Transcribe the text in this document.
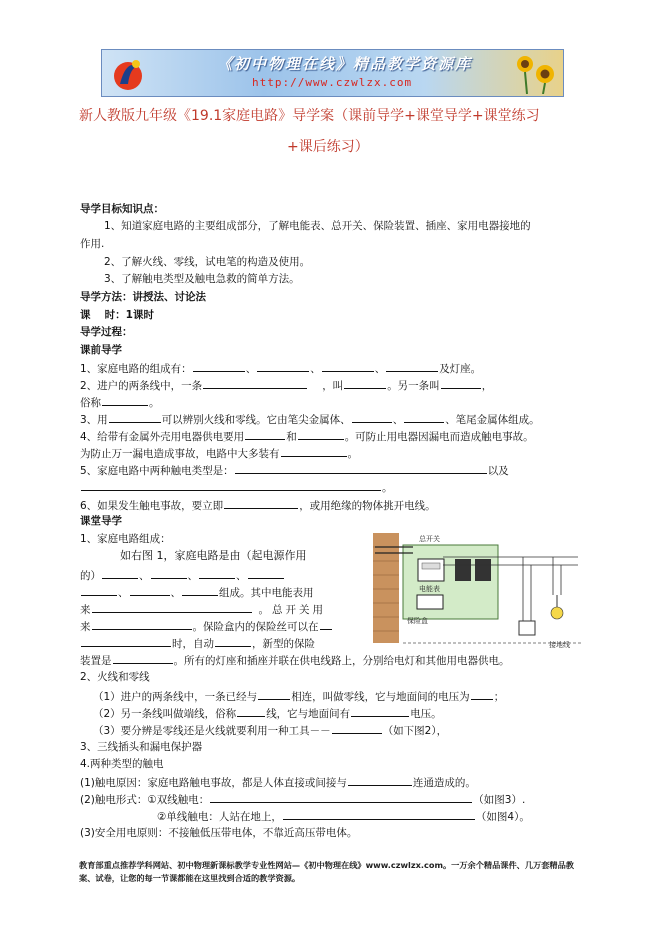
《初中物理在线》精品教学资源库
http://www.czwlzx.com
新人教版九年级《19.1家庭电路》导学案（课前导学+课堂导学+课堂练习
+课后练习）
导学目标知识点：
1、知道家庭电路的主要组成部分，了解电能表、总开关、保险装置、插座、家用电器接地的
作用.
2、了解火线、零线，试电笔的构造及使用。
3、了解触电类型及触电急救的简单方法。
导学方法：讲授法、讨论法
课　 时：1课时
导学过程：
课前导学
1、家庭电路的组成有：	、	、	、	及灯座。
2、进户的两条线中，一条	，叫	。另一条叫	，
俗称	。
3、用	可以辨别火线和零线。它由笔尖金属体、	、	、笔尾金属体组成。
4、给带有金属外壳用电器供电要用	和	。可防止用电器因漏电而造成触电事故。
为防止万一漏电造成事故，电路中大多装有	。
5、家庭电路中两种触电类型是：	以及
。
6、如果发生触电事故，要立即	，或用绝缘的物体挑开电线。
课堂导学
1、家庭电路组成：
如右图 1，家庭电路是由（起电源作用
的）	、	、	、
、	、	组成。其中电能表用
来	。总开关用
来	。保险盒内的保险丝可以在
时，自动	，新型的保险
装置是	。所有的灯座和插座并联在供电线路上，分别给电灯和其他用电器供电。
2、火线和零线
（1）进户的两条线中，一条已经与	相连，叫做零线，它与地面间的电压为 ；
（2）另一条线叫做端线，俗称	线，它与地面间有	电压。
（3）要分辨是零线还是火线就要利用一种工具－－	（如下图2），
3、三线插头和漏电保护器
4.两种类型的触电
(1)触电原因：家庭电路触电事故，都是人体直接或间接与	连通造成的。
(2)触电形式：①双线触电：	（如图3）.
②单线触电：人站在地上，	（如图4）。
(3)安全用电原则：不接触低压带电体，不靠近高压带电体。
总开关
电能表
保险盒
接地线
教育部重点推荐学科网站、初中物理新课标教学专业性网站—《初中物理在线》www.czwlzx.com。一万余个精品课件、几万套精品教案、试卷，让您的每一节课都能在这里找到合适的教学资源。
